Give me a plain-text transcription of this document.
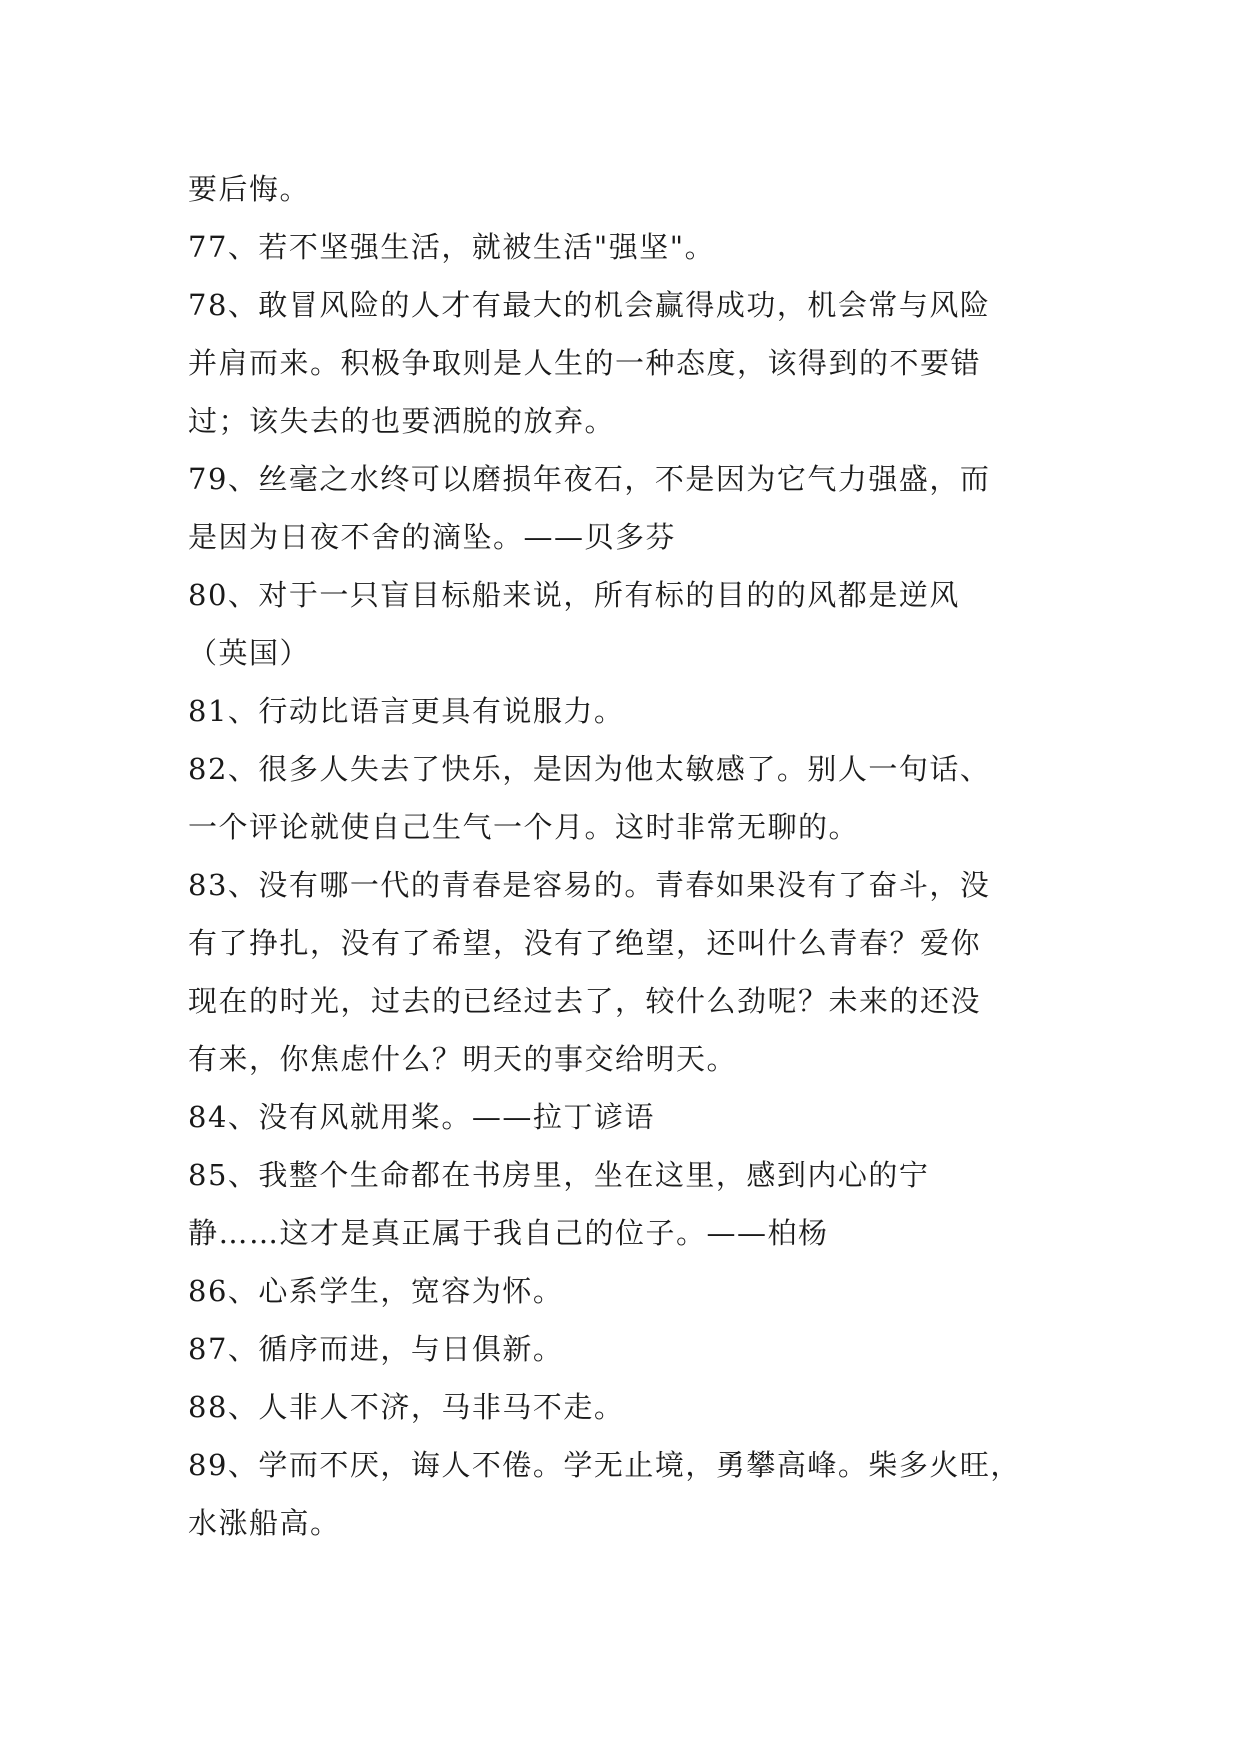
要后悔。
77、若不坚强生活，就被生活"强坚"。
78、敢冒风险的人才有最大的机会赢得成功，机会常与风险
并肩而来。积极争取则是人生的一种态度，该得到的不要错
过；该失去的也要洒脱的放弃。
79、丝毫之水终可以磨损年夜石，不是因为它气力强盛，而
是因为日夜不舍的滴坠。——贝多芬
80、对于一只盲目标船来说，所有标的目的的风都是逆风
（英国）
81、行动比语言更具有说服力。
82、很多人失去了快乐，是因为他太敏感了。别人一句话、
一个评论就使自己生气一个月。这时非常无聊的。
83、没有哪一代的青春是容易的。青春如果没有了奋斗，没
有了挣扎，没有了希望，没有了绝望，还叫什么青春？爱你
现在的时光，过去的已经过去了，较什么劲呢？未来的还没
有来，你焦虑什么？明天的事交给明天。
84、没有风就用桨。——拉丁谚语
85、我整个生命都在书房里，坐在这里，感到内心的宁
静……这才是真正属于我自己的位子。——柏杨
86、心系学生，宽容为怀。
87、循序而进，与日俱新。
88、人非人不济，马非马不走。
89、学而不厌，诲人不倦。学无止境，勇攀高峰。柴多火旺，
水涨船高。
